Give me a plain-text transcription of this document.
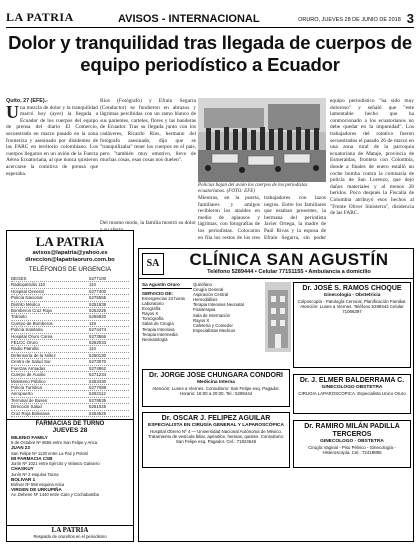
LA PATRIA	AVISOS - INTERNACIONAL	ORURO, JUEVES 28 DE JUNIO DE 2018 3
Dolor y tranquilidad tras llegada de cuerpos de equipo periodístico a Ecuador
Quito, 27 (EFE).-
U na mezcla de dolor y la tranquilidad marcó hoy (ayer) la llegada a Ecuador de los cuerpos del equipo de prensa del diario El Comercio, secuestrado en marzo pasado en la zona fronteriza y asesinado por disidentes de las FARC en territorio colombiano. Los cuerpos llegaron en un avión de la Fuerza Aérea Ecuatoriana, al que nunca quisieron acercarse la comitiva de prensa que esperaba.
Ríos (Fotógrafo) y Efraín Segarra (Conductor) se fundieron en abrazos y lágrimas percibidas con un ramo blanco de sus parientes, carteles, flores y las banderas de Ecuador. Tras su llegada junto con los cadáveres, Ricardo Ríos, hermano del fotógrafo asesinado, dijo que se "tranquilizaba" tener los cuerpos en el país, pero "también muy emotivo, llevo de muchas cosas, esas cosas nos duelen".
Policías bajan del avión los cuerpos de los periodistas ecuatorianos. (FOTO: EFE)
equipo periodístico "ha sido muy doloroso" y señaló que "este lamentable hecho que ha conmocionado a los ecuatorianos no debe quedar en la impunidad". Los trabajadores del rotativo fueron secuestrados el pasado 26 de marzo en una zona rural de la parroquia ecuatoriana de Mataje, provincia de Esmeraldas, frontera con Colombia, donde a finales de enero estalló un coche bomba contra la comisaría de policía de San Lorenzo, que dejó daños materiales y al menos 28 heridos. Poco después la Fiscalía de Colombia atribuyó esos hechos al "Frente Oliver Sinisterra", disidencia de las FARC.
Del mismo modo, la familia mostró su dolor y su afecto.
Mientras, en la puerta, familiares y amigos recibieron los ataúdes en medio de aplausos y lágrimas, con fotografías de los periodistas. Colocaron en fila los restos de los tres trabajadores con lazos negros. Entre los familiares que estaban presentes, la hermana del periodista Javier Ortega, la madre de Paúl Rivas y la esposa de Efraín Segarra, sin poder
LA PATRIA
avisos@lapatria@yahoo.es
direccion@lapatriaoruro.com.bo
TELÉFONOS DE URGENCIA
DEGES	5277100
Radiopatrulla 110	110
Hospital General	5277400
Policía Nacional	5275555
Distrito Médico	5251838
Bomberos Cruz Roja	5252225
Tránsito	5255920
Cuerpo de Bomberos	119
Policía Sanitaria	5274474
Hospital Oruro Corea	5273566
FELCC Oruro	5262033
Radio Patrulla	110
Defensoría de la Niñez	5250130
Centro de Salud Sur	5273070
Fuerzas Armadas	5274862
Cuerpo de Auxilio	5271234
Ministerio Público	5253430
Policía Turística	5277088
Aeropuerto	5262112
Terminal de Buses	5279535
Dirección Salud	5251025
Cruz Roja Boliviana	5254525
FARMACIAS DE TURNO
JUEVES 28
MILENIO FAMILY
6 de Octubre Nº 6555 entre San Felipe y Arica
JUAN 23
San Felipe Nº 1130 entre La Paz y Potosí
MI FARMACIA CSB
Junín Nº 1021 entre Ejército y Velasco Galvarro
CHASKUY
Junín Nº 2 esquina Tacna
BOLIVAR 1
Bolívar Nº 556 esquina Arica
VIRGEN DE URKUPIÑA
Av. Dehene Nº 1440 entre Caro y Cochabamba
LA PATRIA
Respaldo de orureños en el periodismo
SA	CLÍNICA SAN AGUSTÍN
Teléfono 5289444 • Celular 77151155 • Ambulancia a domicilio
Sa Agustín Oruro
SERVICIO DE:
Emergencias 24 horas
Laboratorio
Ecografía
Rayos X
Tomografía
Salas de Cirugía
Terapia Intensiva
Terapia Intermedia
Neonatología
Quirófano
Cirugía General
Aspiración Central
Hemodiálisis
Terapia Intensiva Neonatal
Fisioterapia
Sala de Internación
Rayos X
Cafetería y Comedor
Especialistas Medicos
Dr. JOSÉ S. RAMOS CHOQUE
Ginecología - Obstetricia
Colposcopía - Patología Cervical, Planificación Familiar. Atención: Lunes a Viernes. Teléfono 5289444 Celular 71066397
Dr. JORGE JOSE CHUNGARA CONDORI
Medicina Interna
Atención: Lunes a Viernes. Consultorio: San Felipe esq. Pagador. Horario: 16:00 a 20:00. Tel.: 5289444
Dr. J. ELMER BALDERRAMA C.
GINECOLOGO OBSTETRA
CIRUGIA LAPAROSCOPICA. Especialista Unico Oruro
Dr. OSCAR J. FELIPEZ AGUILAR
ESPECIALISTA EN CIRUGÍA GENERAL Y LAPAROSCÓPICA
Hospital Obrero Nº 4 — Universidad Nacional Autónoma de México. Tratamiento de vesícula biliar, apéndice, hernias, quistes. Consultorio: San Felipe esq. Pagador. Cel.: 71824646
Dr. RAMIRO MILÁN PADILLA TERCEROS
GINECOLOGO - OBSTETRA
Cirugía Vaginal - Piso Pélvico - Ginecología - Histeroscopía. Cel.: 72418895
